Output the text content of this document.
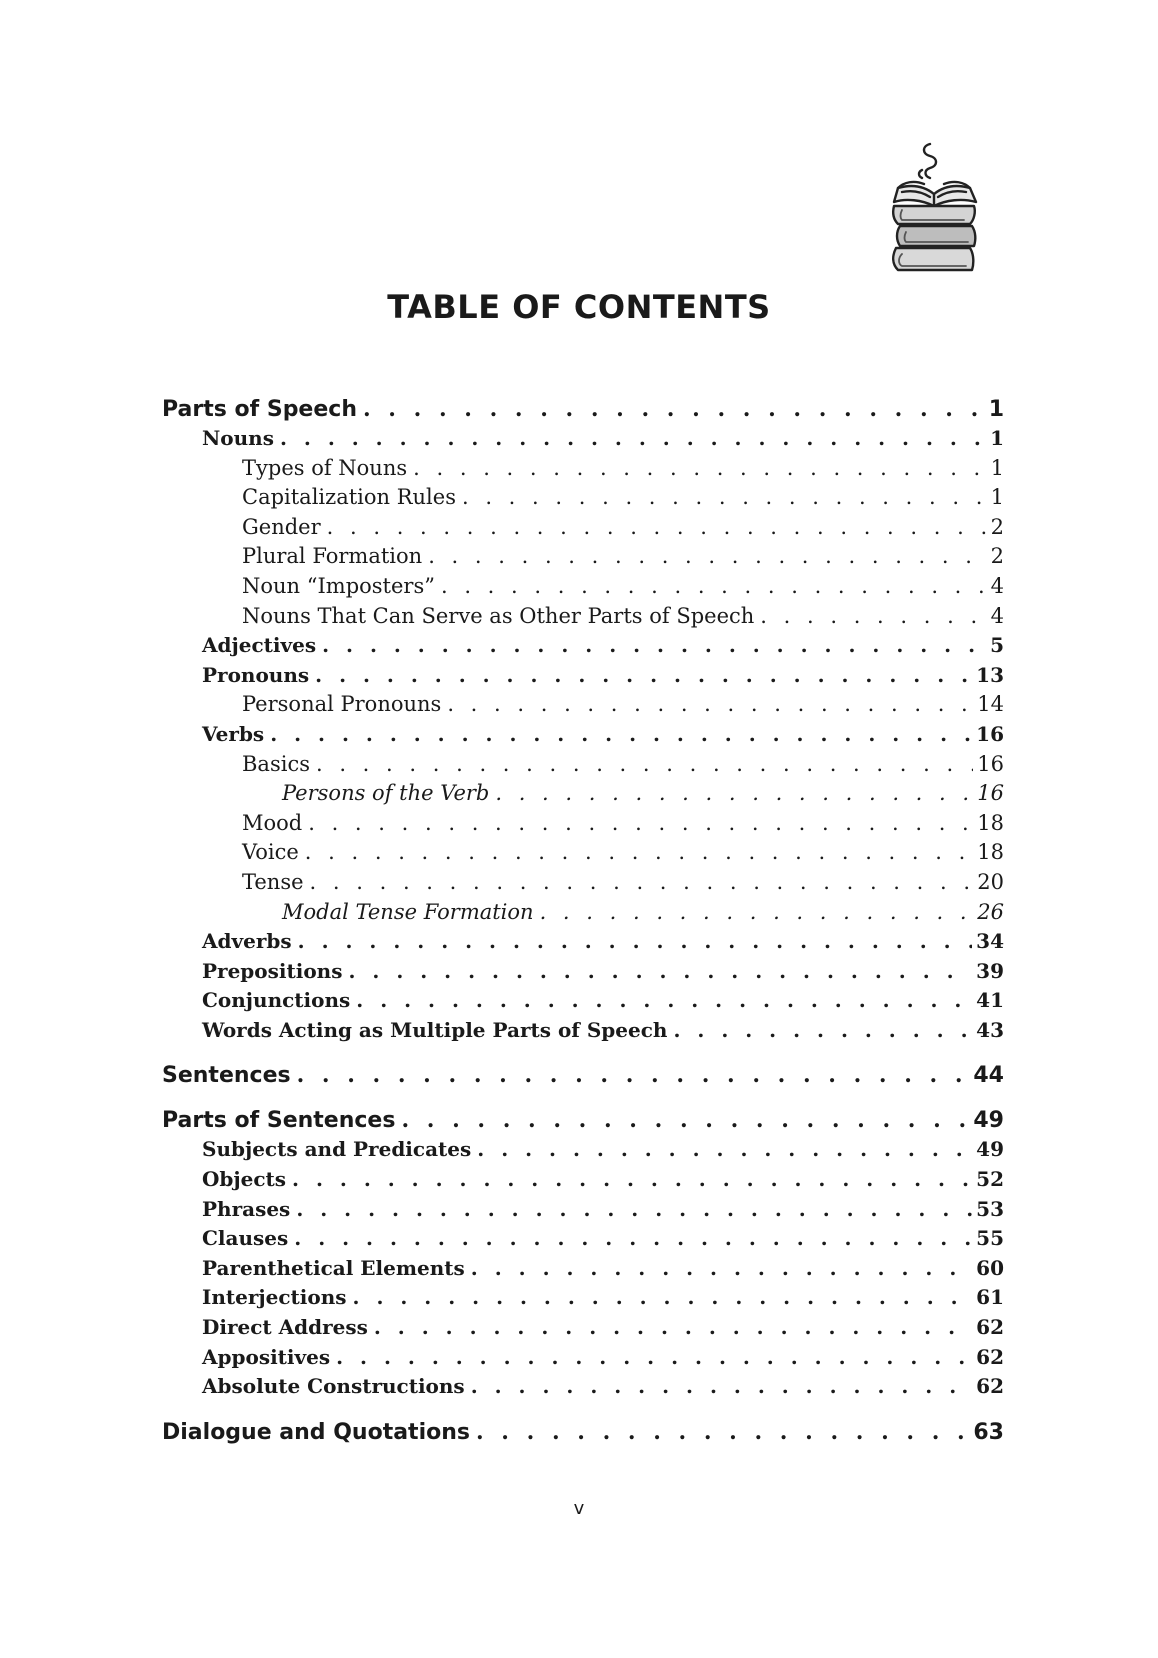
TABLE OF CONTENTS
Parts of Speech . . .	1
Nouns . . .	1
Types of Nouns . . .	1
Capitalization Rules . . .	1
Gender . . .	2
Plural Formation . . .	2
Noun “Imposters” . . .	4
Nouns That Can Serve as Other Parts of Speech . . .	4
Adjectives . . .	5
Pronouns . . .	13
Personal Pronouns . . .	14
Verbs . . .	16
Basics . . .	16
Persons of the Verb . . .	16
Mood . . .	18
Voice . . .	18
Tense . . .	20
Modal Tense Formation . . .	26
Adverbs . . .	34
Prepositions . . .	39
Conjunctions . . .	41
Words Acting as Multiple Parts of Speech . . .	43
Sentences . . .	44
Parts of Sentences . . .	49
Subjects and Predicates . . .	49
Objects . . .	52
Phrases . . .	53
Clauses . . .	55
Parenthetical Elements . . .	60
Interjections . . .	61
Direct Address . . .	62
Appositives . . .	62
Absolute Constructions . . .	62
Dialogue and Quotations . . .	63
v
